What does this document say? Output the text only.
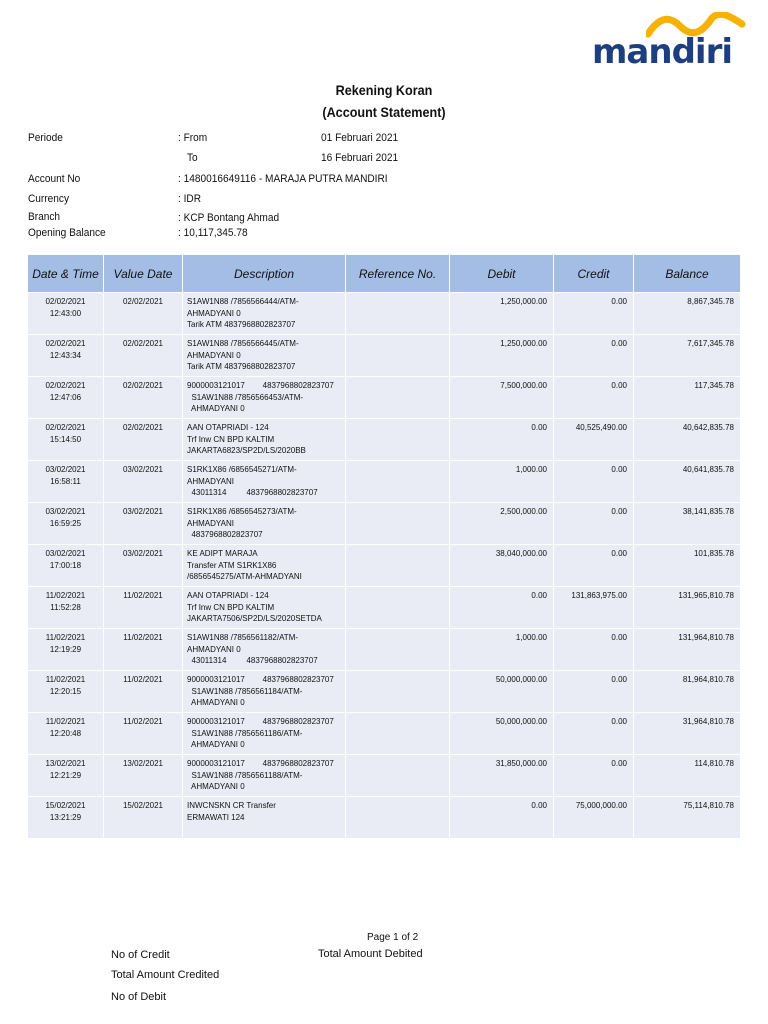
mandiri
Rekening Koran
(Account Statement)
Periode	: From	01 Februari 2021
To	16 Februari 2021
Account No	: 1480016649116 - MARAJA PUTRA MANDIRI
Currency	: IDR
Branch	: KCP Bontang Ahmad
Opening Balance	: 10,117,345.78
Date & Time	Value Date	Description	Reference No.	Debit	Credit	Balance
02/02/2021
12:43:00	02/02/2021	S1AW1N88 /7856566444/ATM-
AHMADYANI 0
Tarik ATM 4837968802823707		1,250,000.00	0.00	8,867,345.78
02/02/2021
12:43:34	02/02/2021	S1AW1N88 /7856566445/ATM-
AHMADYANI 0
Tarik ATM 4837968802823707		1,250,000.00	0.00	7,617,345.78
02/02/2021
12:47:06	02/02/2021	9000003121017        4837968802823707
S1AW1N88 /7856566453/ATM-
AHMADYANI 0		7,500,000.00	0.00	117,345.78
02/02/2021
15:14:50	02/02/2021	AAN OTAPRIADI - 124
Trf Inw CN BPD KALTIM
JAKARTA6823/SP2D/LS/2020BB		0.00	40,525,490.00	40,642,835.78
03/02/2021
16:58:11	03/02/2021	S1RK1X86 /6856545271/ATM-
AHMADYANI
43011314         4837968802823707		1,000.00	0.00	40,641,835.78
03/02/2021
16:59:25	03/02/2021	S1RK1X86 /6856545273/ATM-
AHMADYANI
4837968802823707		2,500,000.00	0.00	38,141,835.78
03/02/2021
17:00:18	03/02/2021	KE ADIPT MARAJA
Transfer ATM S1RK1X86
/6856545275/ATM-AHMADYANI		38,040,000.00	0.00	101,835.78
11/02/2021
11:52:28	11/02/2021	AAN OTAPRIADI - 124
Trf Inw CN BPD KALTIM
JAKARTA7506/SP2D/LS/2020SETDA		0.00	131,863,975.00	131,965,810.78
11/02/2021
12:19:29	11/02/2021	S1AW1N88 /7856561182/ATM-
AHMADYANI 0
43011314         4837968802823707		1,000.00	0.00	131,964,810.78
11/02/2021
12:20:15	11/02/2021	9000003121017        4837968802823707
S1AW1N88 /7856561184/ATM-
AHMADYANI 0		50,000,000.00	0.00	81,964,810.78
11/02/2021
12:20:48	11/02/2021	9000003121017        4837968802823707
S1AW1N88 /7856561186/ATM-
AHMADYANI 0		50,000,000.00	0.00	31,964,810.78
13/02/2021
12:21:29	13/02/2021	9000003121017        4837968802823707
S1AW1N88 /7856561188/ATM-
AHMADYANI 0		31,850,000.00	0.00	114,810.78
15/02/2021
13:21:29	15/02/2021	INWCNSKN CR Transfer
ERMAWATI 124		0.00	75,000,000.00	75,114,810.78
Page 1 of 2
Total Amount Debited
No of Credit
Total Amount Credited
No of Debit
